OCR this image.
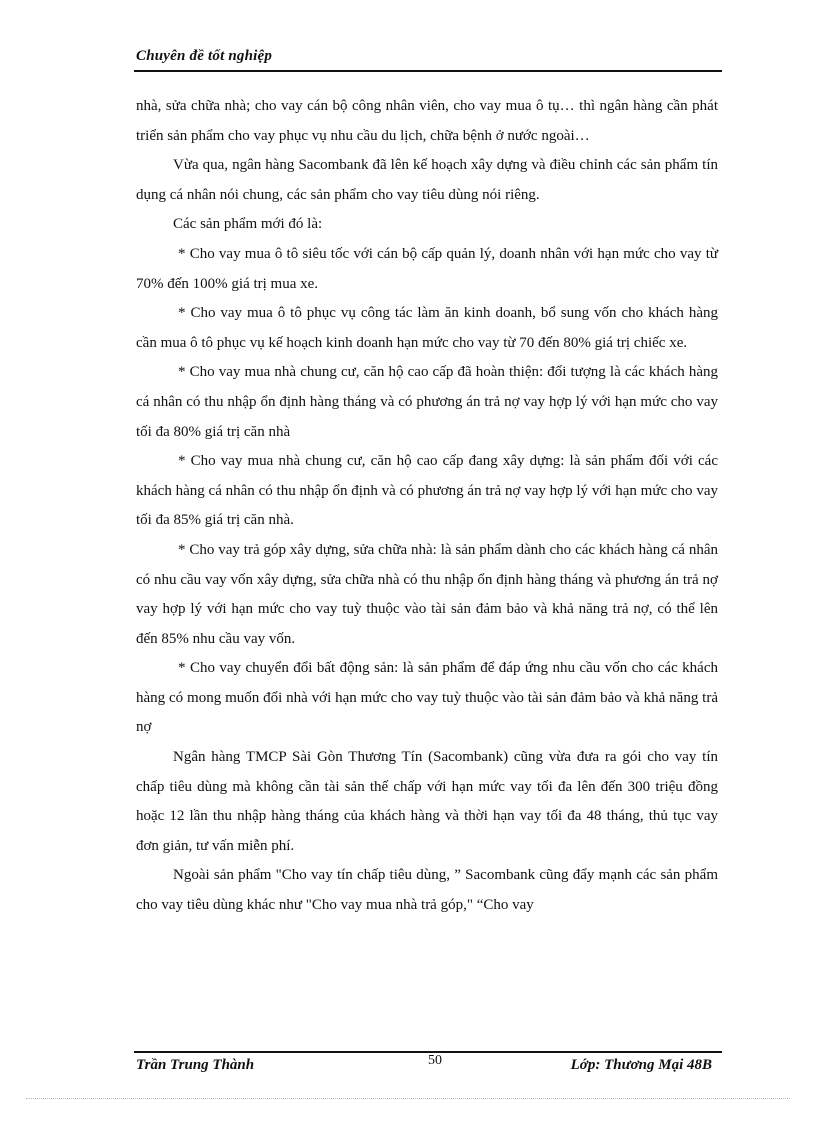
Chuyên đề tốt nghiệp

nhà, sửa chữa nhà; cho vay cán bộ công nhân viên, cho vay mua ô tụ… thì ngân hàng cần phát triển sản phẩm cho vay phục vụ nhu cầu du lịch, chữa bệnh ở nước ngoài…

Vừa qua, ngân hàng Sacombank đã lên kế hoạch xây dựng và điều chỉnh các sản phẩm tín dụng cá nhân nói chung, các sản phẩm cho vay tiêu dùng nói riêng.

Các sản phẩm mới đó là:

* Cho vay mua ô tô siêu tốc với cán bộ cấp quản lý, doanh nhân với hạn mức cho vay từ 70% đến 100% giá trị mua xe.

* Cho vay mua ô tô phục vụ công tác làm ăn kinh doanh, bổ sung vốn cho khách hàng cần mua ô tô phục vụ kế hoạch kinh doanh hạn mức cho vay từ 70 đến 80% giá trị chiếc xe.

* Cho vay mua nhà chung cư, căn hộ cao cấp đã hoàn thiện: đối tượng là các khách hàng cá nhân có thu nhập ổn định hàng tháng và có phương án trả nợ vay hợp lý với hạn mức cho vay tối đa 80% giá trị căn nhà

* Cho vay mua nhà chung cư, căn hộ cao cấp đang xây dựng: là sản phẩm đối với các khách hàng cá nhân có thu nhập ổn định và có phương án trả nợ vay hợp lý với hạn mức cho vay tối đa 85% giá trị căn nhà.

* Cho vay trả góp xây dựng, sửa chữa nhà: là sản phẩm dành cho các khách hàng cá nhân có nhu cầu vay vốn xây dựng, sửa chữa nhà có thu nhập ổn định hàng tháng và phương án trả nợ vay hợp lý với hạn mức cho vay tuỳ thuộc vào tài sản đảm bảo và khả năng trả nợ, có thể lên đến 85% nhu cầu vay vốn.

* Cho vay chuyển đổi bất động sản: là sản phẩm để đáp ứng nhu cầu vốn cho các khách hàng có mong muốn đổi nhà với hạn mức cho vay tuỳ thuộc vào tài sản đảm bảo và khả năng trả nợ

Ngân hàng TMCP Sài Gòn Thương Tín (Sacombank) cũng vừa đưa ra gói cho vay tín chấp tiêu dùng mà không cần tài sản thế chấp với hạn mức vay tối đa lên đến 300 triệu đồng hoặc 12 lần thu nhập hàng tháng của khách hàng và thời hạn vay tối đa 48 tháng, thủ tục vay đơn giản, tư vấn miễn phí.

Ngoài sản phẩm "Cho vay tín chấp tiêu dùng, ” Sacombank cũng đẩy mạnh các sản phẩm cho vay tiêu dùng khác như "Cho vay mua nhà trả góp," “Cho vay

Trần Trung Thành	50	Lớp: Thương Mại 48B
